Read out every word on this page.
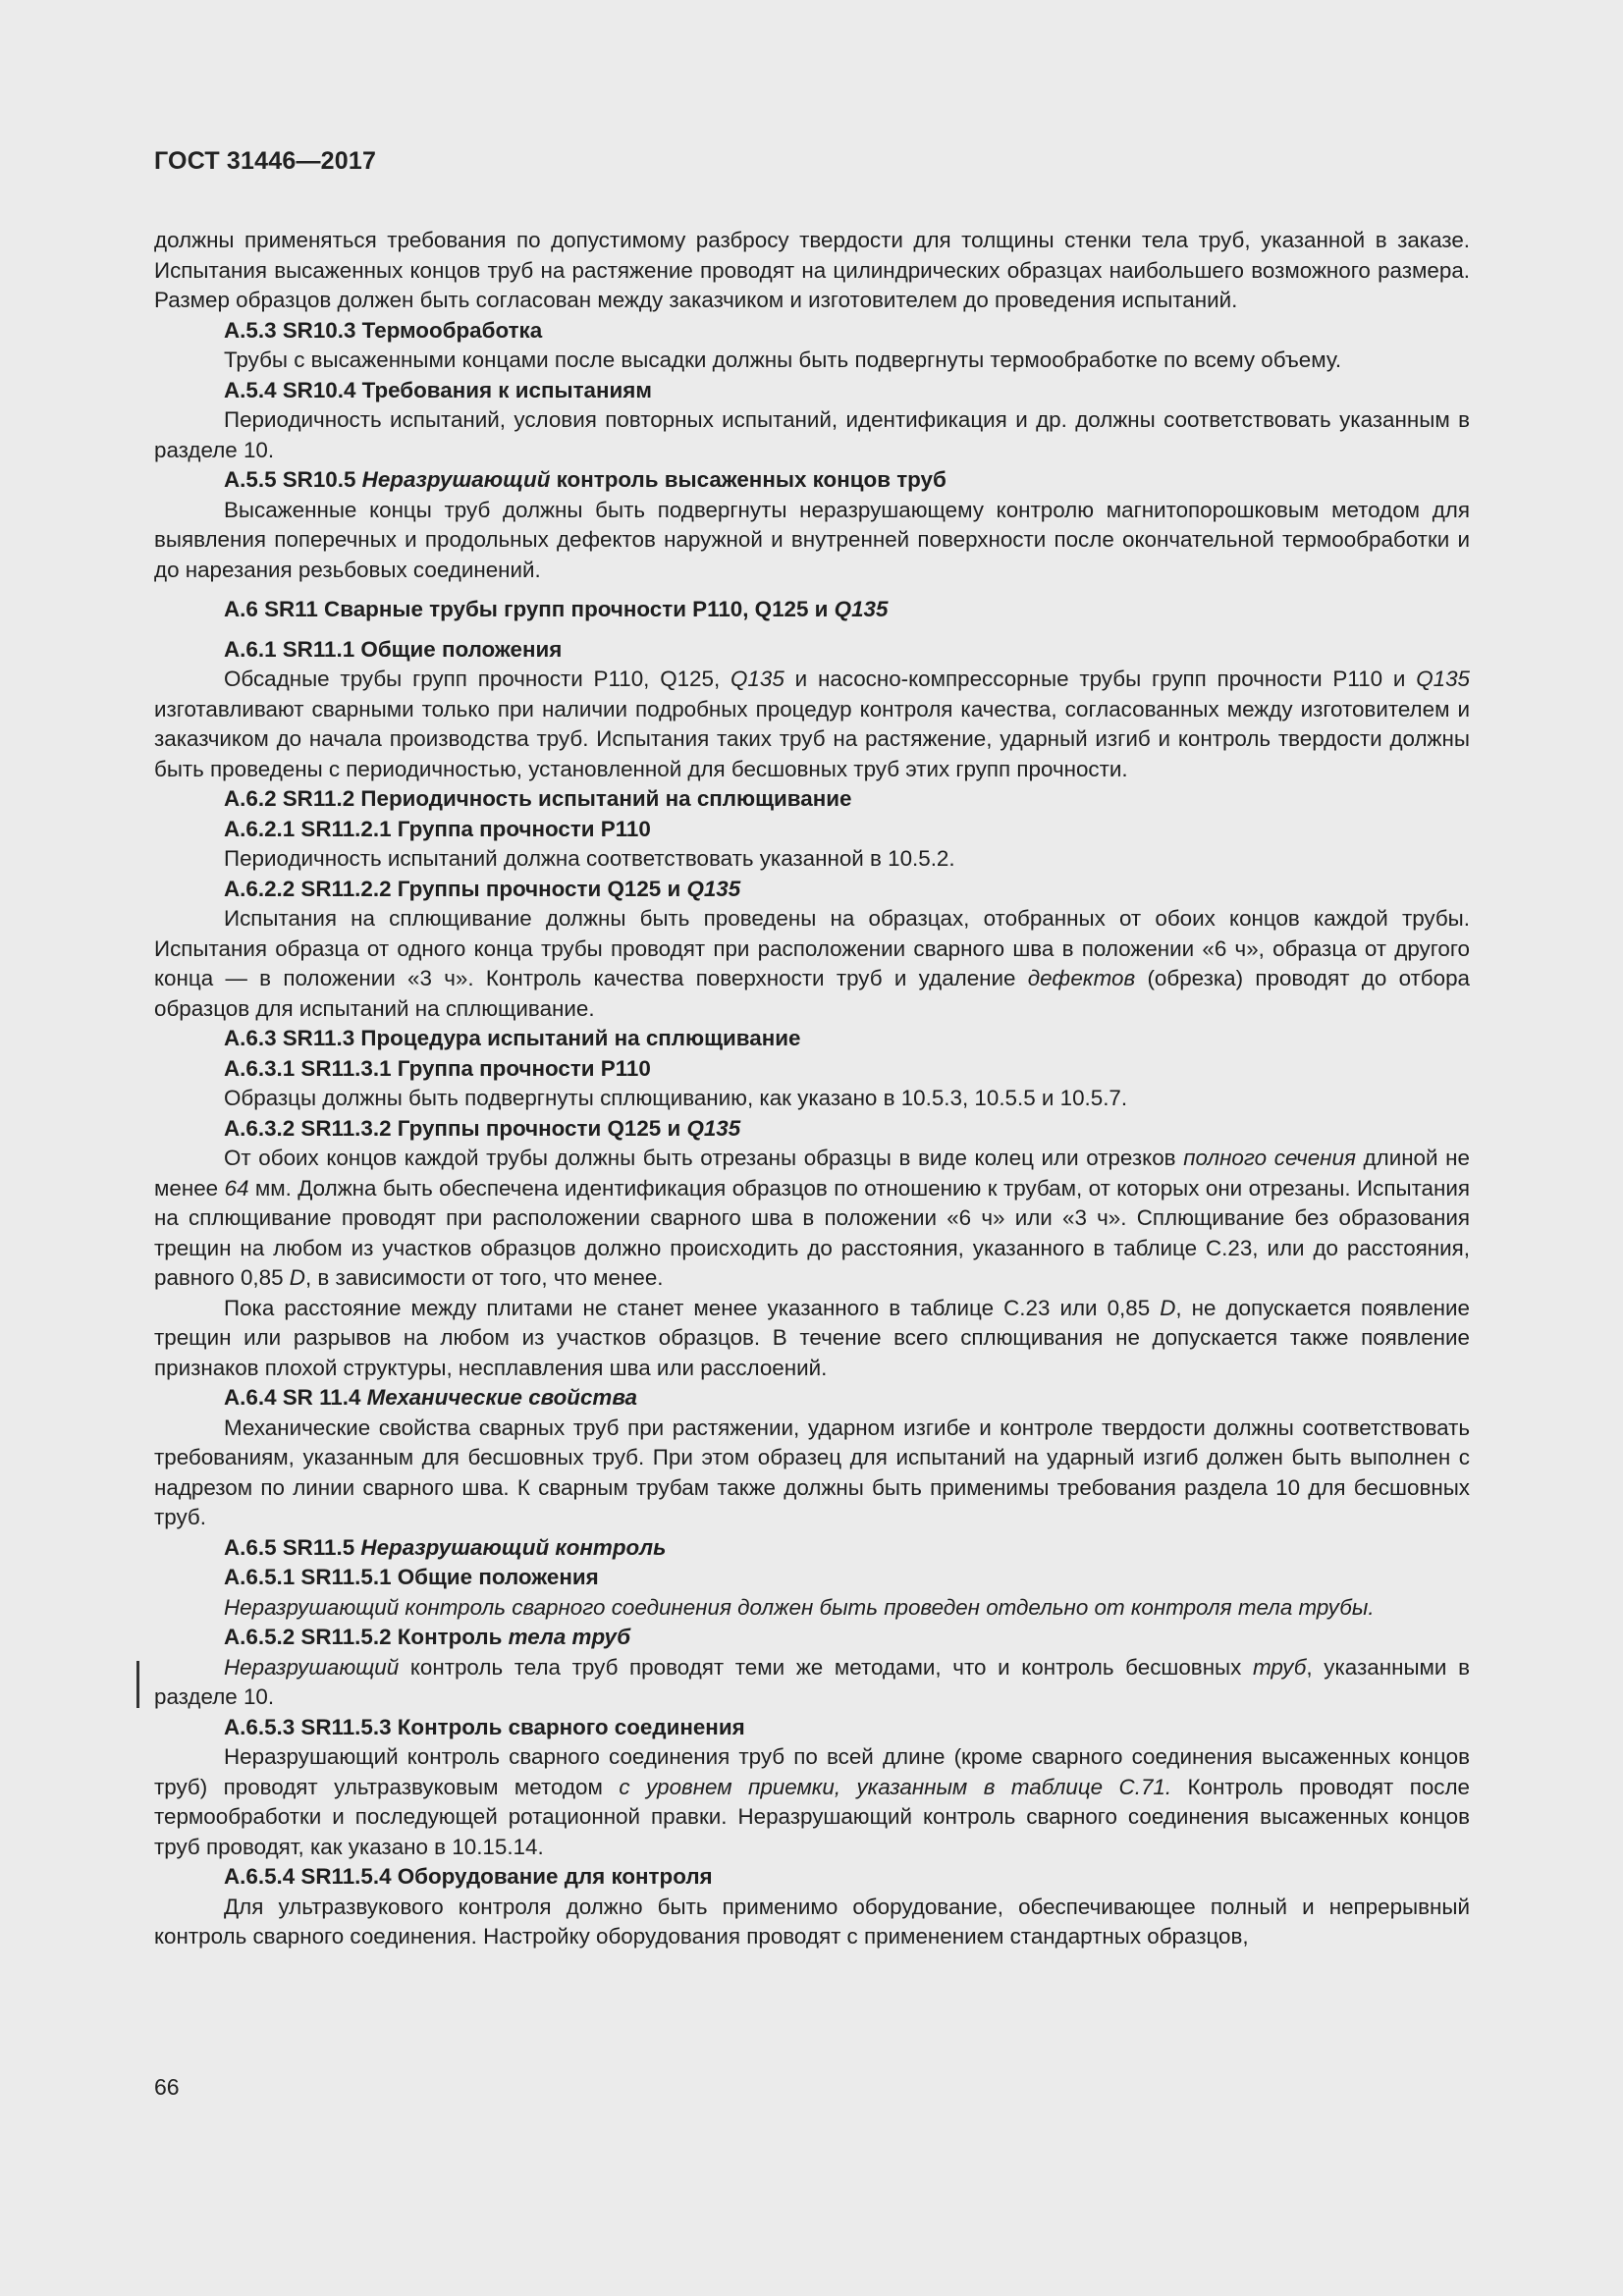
ГОСТ 31446—2017

должны применяться требования по допустимому разбросу твердости для толщины стенки тела труб, указанной в заказе. Испытания высаженных концов труб на растяжение проводят на цилиндрических образцах наибольшего возможного размера. Размер образцов должен быть согласован между заказчиком и изготовителем до проведения испытаний.

А.5.3 SR10.3 Термообработка

Трубы с высаженными концами после высадки должны быть подвергнуты термообработке по всему объему.

А.5.4 SR10.4 Требования к испытаниям

Периодичность испытаний, условия повторных испытаний, идентификация и др. должны соответствовать указанным в разделе 10.

А.5.5 SR10.5 Неразрушающий контроль высаженных концов труб

Высаженные концы труб должны быть подвергнуты неразрушающему контролю магнитопорошковым методом для выявления поперечных и продольных дефектов наружной и внутренней поверхности после окончательной термообработки и до нарезания резьбовых соединений.

А.6 SR11 Сварные трубы групп прочности Р110, Q125 и Q135

А.6.1 SR11.1 Общие положения

Обсадные трубы групп прочности Р110, Q125, Q135 и насосно-компрессорные трубы групп прочности Р110 и Q135 изготавливают сварными только при наличии подробных процедур контроля качества, согласованных между изготовителем и заказчиком до начала производства труб. Испытания таких труб на растяжение, ударный изгиб и контроль твердости должны быть проведены с периодичностью, установленной для бесшовных труб этих групп прочности.

А.6.2 SR11.2 Периодичность испытаний на сплющивание

А.6.2.1 SR11.2.1 Группа прочности Р110

Периодичность испытаний должна соответствовать указанной в 10.5.2.

А.6.2.2 SR11.2.2 Группы прочности Q125 и Q135

Испытания на сплющивание должны быть проведены на образцах, отобранных от обоих концов каждой трубы. Испытания образца от одного конца трубы проводят при расположении сварного шва в положении «6 ч», образца от другого конца — в положении «3 ч». Контроль качества поверхности труб и удаление дефектов (обрезка) проводят до отбора образцов для испытаний на сплющивание.

А.6.3 SR11.3 Процедура испытаний на сплющивание

А.6.3.1 SR11.3.1 Группа прочности Р110

Образцы должны быть подвергнуты сплющиванию, как указано в 10.5.3, 10.5.5 и 10.5.7.

А.6.3.2 SR11.3.2 Группы прочности Q125 и Q135

От обоих концов каждой трубы должны быть отрезаны образцы в виде колец или отрезков полного сечения длиной не менее 64 мм. Должна быть обеспечена идентификация образцов по отношению к трубам, от которых они отрезаны. Испытания на сплющивание проводят при расположении сварного шва в положении «6 ч» или «3 ч». Сплющивание без образования трещин на любом из участков образцов должно происходить до расстояния, указанного в таблице С.23, или до расстояния, равного 0,85 D, в зависимости от того, что менее.

Пока расстояние между плитами не станет менее указанного в таблице С.23 или 0,85 D, не допускается появление трещин или разрывов на любом из участков образцов. В течение всего сплющивания не допускается также появление признаков плохой структуры, несплавления шва или расслоений.

А.6.4 SR 11.4 Механические свойства

Механические свойства сварных труб при растяжении, ударном изгибе и контроле твердости должны соответствовать требованиям, указанным для бесшовных труб. При этом образец для испытаний на ударный изгиб должен быть выполнен с надрезом по линии сварного шва. К сварным трубам также должны быть применимы требования раздела 10 для бесшовных труб.

А.6.5 SR11.5 Неразрушающий контроль

А.6.5.1 SR11.5.1 Общие положения

Неразрушающий контроль сварного соединения должен быть проведен отдельно от контроля тела трубы.

А.6.5.2 SR11.5.2 Контроль тела труб

Неразрушающий контроль тела труб проводят теми же методами, что и контроль бесшовных труб, указанными в разделе 10.

А.6.5.3 SR11.5.3 Контроль сварного соединения

Неразрушающий контроль сварного соединения труб по всей длине (кроме сварного соединения высаженных концов труб) проводят ультразвуковым методом с уровнем приемки, указанным в таблице С.71. Контроль проводят после термообработки и последующей ротационной правки. Неразрушающий контроль сварного соединения высаженных концов труб проводят, как указано в 10.15.14.

А.6.5.4 SR11.5.4 Оборудование для контроля

Для ультразвукового контроля должно быть применимо оборудование, обеспечивающее полный и непрерывный контроль сварного соединения. Настройку оборудования проводят с применением стандартных образцов,

66
